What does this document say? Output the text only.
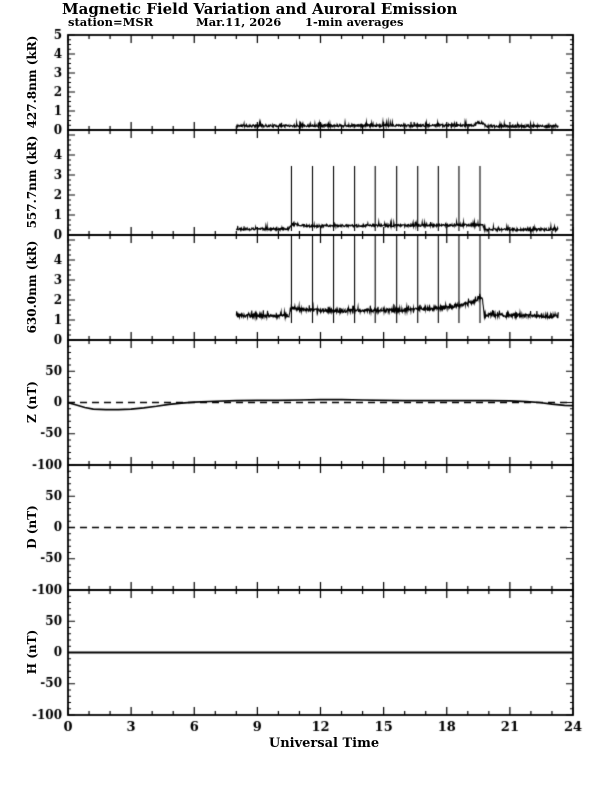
Magnetic Field Variation and Auroral Emission
station=MSR	Mar.11, 2026 1-min averages
427.8nm (kR)
557.7nm (kR)
630.0nm (kR)
Z (nT)
D (nT)
H (nT)
Universal Time
